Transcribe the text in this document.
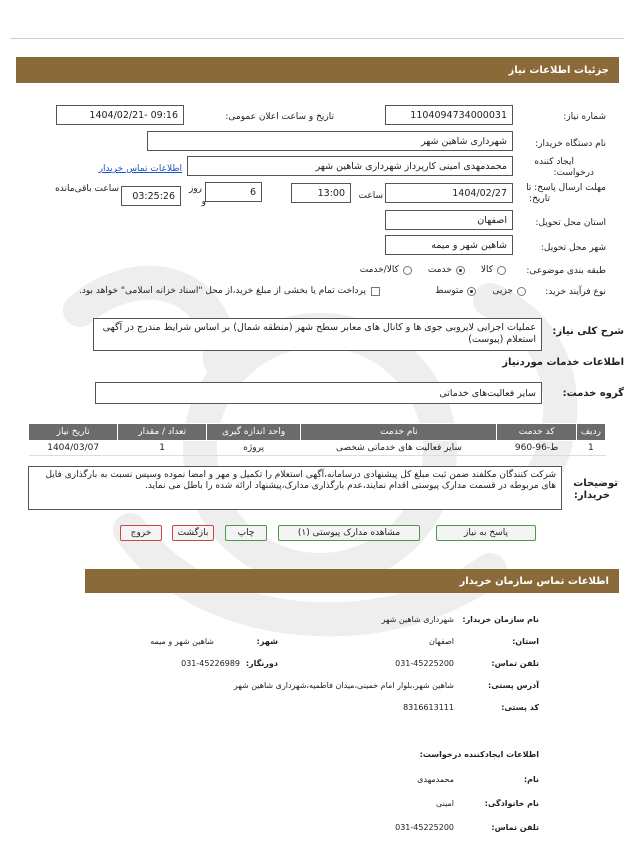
جزئیات اطلاعات نیاز
شماره نیاز:
1104094734000031
تاریخ و ساعت اعلان عمومی:
1404/02/21- 09:16
نام دستگاه خریدار:
شهرداری شاهین شهر
ایجاد کننده
درخواست:
محمدمهدی امینی کارپرداز شهرداری شاهین شهر
اطلاعات تماس خریدار
مهلت ارسال پاسخ: تا
تاریخ:
1404/02/27
ساعت
13:00
6
روز
و
03:25:26
ساعت باقی‌مانده
استان محل تحویل:
اصفهان
شهر محل تحویل:
شاهین شهر و میمه
طبقه بندی موضوعی:
کالا
خدمت
کالا/خدمت
نوع فرآیند خرید:
جزیی
متوسط
پرداخت تمام یا بخشی از مبلغ خرید،از محل "اسناد خزانه اسلامی" خواهد بود.
شرح کلی نیاز:
عملیات اجرایی لایروبی جوی ها و کانال های معابر سطح شهر (منطقه شمال) بر اساس شرایط مندرج در آگهی استعلام (پیوست)
اطلاعات خدمات موردنیاز
گروه خدمت:
سایر فعالیت‌های خدماتی
ردیف	کد خدمت	نام خدمت	واحد اندازه گیری	تعداد / مقدار	تاریخ نیاز
1	ط-96-960	سایر فعالیت های خدماتی شخصی	پروژه	1	1404/03/07
توضیحات
خریدار:
شرکت کنندگان مکلفند ضمن ثبت مبلغ کل پیشنهادی درسامانه،آگهی استعلام را تکمیل و مهر و امضا نموده وسپس نسبت به بارگذاری فایل های مربوطه در قسمت مدارک پیوستی اقدام نمایند،عدم بارگذاری مدارک،پیشنهاد ارائه شده را باطل می نماید.
پاسخ به نیاز
مشاهده مدارک پیوستی (۱)
چاپ
بازگشت
خروج
اطلاعات تماس سازمان خریدار
نام سازمان خریدار:
شهرداری شاهین شهر
استان:
اصفهان
شهر:
شاهین شهر و میمه
تلفن تماس:
031-45225200
دورنگار:
031-45226989
آدرس پستی:
شاهین شهر،بلوار امام خمینی،میدان فاطمیه،شهرداری شاهین شهر
کد پستی:
8316613111
اطلاعات ایجادکننده درخواست:
نام:
محمدمهدی
نام خانوادگی:
امینی
تلفن تماس:
031-45225200
